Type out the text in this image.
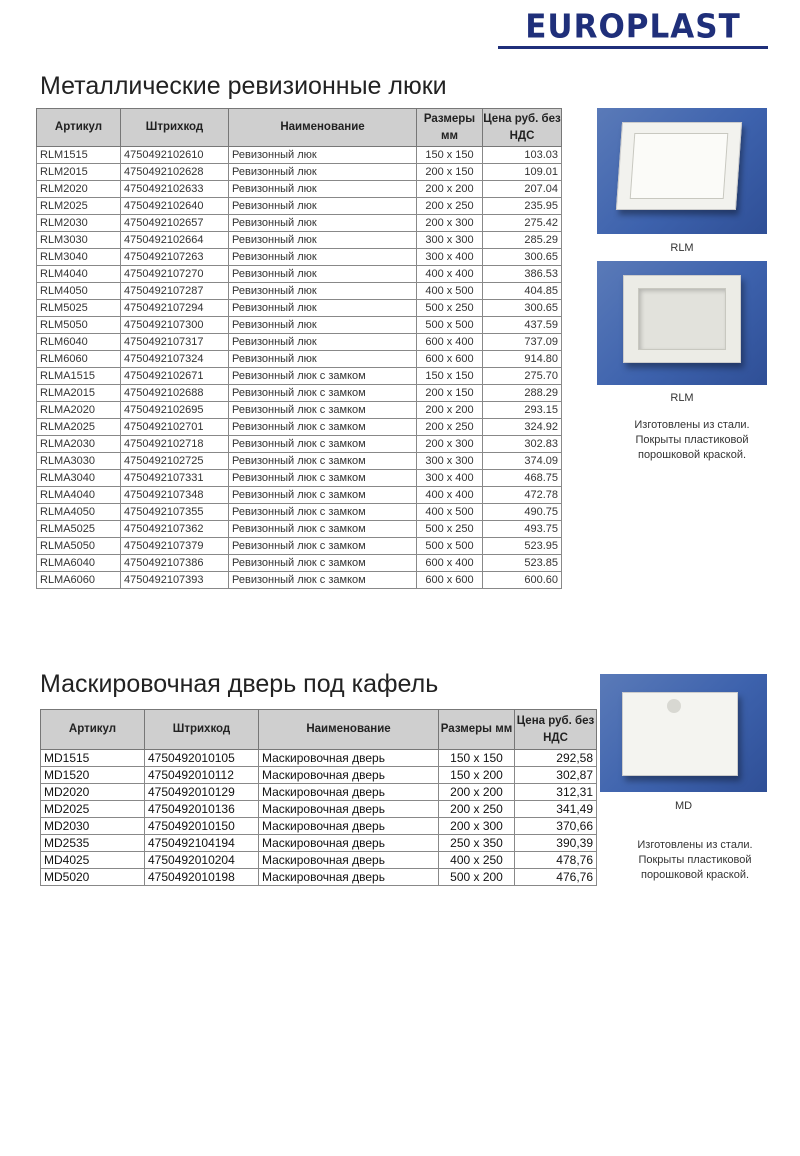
EUROPLAST
Металлические ревизионные люки
Артикул	Штрихкод	Наименование	Размеры мм	Цена руб. без НДС
RLM1515	4750492102610	Ревизонный люк	150 x 150	103.03
RLM2015	4750492102628	Ревизонный люк	200 x 150	109.01
RLM2020	4750492102633	Ревизонный люк	200 x 200	207.04
RLM2025	4750492102640	Ревизонный люк	200 x 250	235.95
RLM2030	4750492102657	Ревизонный люк	200 x 300	275.42
RLM3030	4750492102664	Ревизонный люк	300 x 300	285.29
RLM3040	4750492107263	Ревизонный люк	300 x 400	300.65
RLM4040	4750492107270	Ревизонный люк	400 x 400	386.53
RLM4050	4750492107287	Ревизонный люк	400 x 500	404.85
RLM5025	4750492107294	Ревизонный люк	500 x 250	300.65
RLM5050	4750492107300	Ревизонный люк	500 x 500	437.59
RLM6040	4750492107317	Ревизонный люк	600 x 400	737.09
RLM6060	4750492107324	Ревизонный люк	600 x 600	914.80
RLMA1515	4750492102671	Ревизонный люк с замком	150 x 150	275.70
RLMA2015	4750492102688	Ревизонный люк с замком	200 x 150	288.29
RLMA2020	4750492102695	Ревизонный люк с замком	200 x 200	293.15
RLMA2025	4750492102701	Ревизонный люк с замком	200 x 250	324.92
RLMA2030	4750492102718	Ревизонный люк с замком	200 x 300	302.83
RLMA3030	4750492102725	Ревизонный люк с замком	300 x 300	374.09
RLMA3040	4750492107331	Ревизонный люк с замком	300 x 400	468.75
RLMA4040	4750492107348	Ревизонный люк с замком	400 x 400	472.78
RLMA4050	4750492107355	Ревизонный люк с замком	400 x 500	490.75
RLMA5025	4750492107362	Ревизонный люк с замком	500 x 250	493.75
RLMA5050	4750492107379	Ревизонный люк с замком	500 x 500	523.95
RLMA6040	4750492107386	Ревизонный люк с замком	600 x 400	523.85
RLMA6060	4750492107393	Ревизонный люк с замком	600 x 600	600.60
RLM
RLM
Изготовлены из стали.
Покрыты пластиковой
порошковой краской.
Маскировочная дверь под кафель
Артикул	Штрихкод	Наименование	Размеры мм	Цена руб. без НДС
MD1515	4750492010105	Маскировочная дверь	150 x 150	292,58
MD1520	4750492010112	Маскировочная дверь	150 x 200	302,87
MD2020	4750492010129	Маскировочная дверь	200 x 200	312,31
MD2025	4750492010136	Маскировочная дверь	200 x 250	341,49
MD2030	4750492010150	Маскировочная дверь	200 x 300	370,66
MD2535	4750492104194	Маскировочная дверь	250 x 350	390,39
MD4025	4750492010204	Маскировочная дверь	400 x 250	478,76
MD5020	4750492010198	Маскировочная дверь	500 x 200	476,76
MD
Изготовлены из стали.
Покрыты пластиковой
порошковой краской.
